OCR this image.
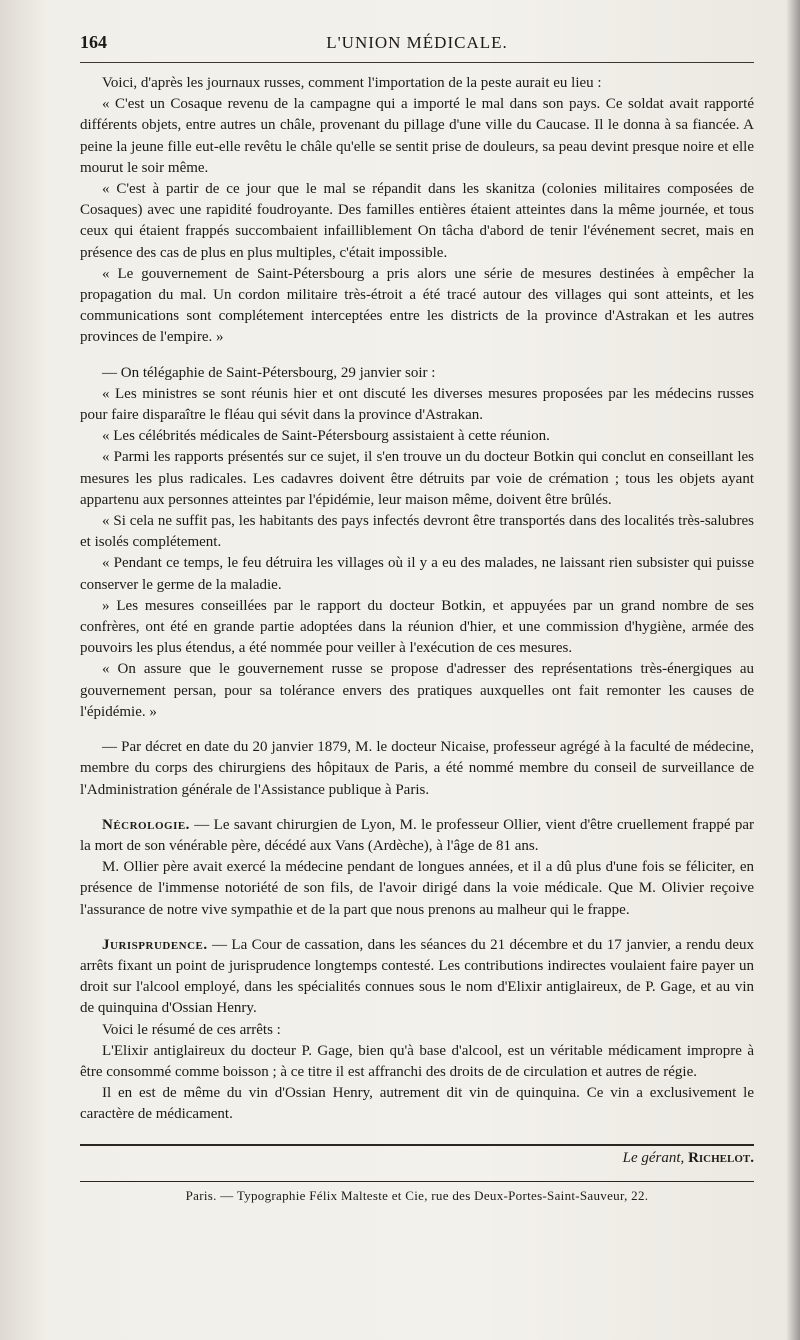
164	L'UNION MÉDICALE.

Voici, d'après les journaux russes, comment l'importation de la peste aurait eu lieu :

« C'est un Cosaque revenu de la campagne qui a importé le mal dans son pays. Ce soldat avait rapporté différents objets, entre autres un châle, provenant du pillage d'une ville du Caucase. Il le donna à sa fiancée. A peine la jeune fille eut-elle revêtu le châle qu'elle se sentit prise de douleurs, sa peau devint presque noire et elle mourut le soir même.

« C'est à partir de ce jour que le mal se répandit dans les skanitza (colonies militaires composées de Cosaques) avec une rapidité foudroyante. Des familles entières étaient atteintes dans la même journée, et tous ceux qui étaient frappés succombaient infailliblement On tâcha d'abord de tenir l'événement secret, mais en présence des cas de plus en plus multiples, c'était impossible.

« Le gouvernement de Saint-Pétersbourg a pris alors une série de mesures destinées à empêcher la propagation du mal. Un cordon militaire très-étroit a été tracé autour des villages qui sont atteints, et les communications sont complétement interceptées entre les districts de la province d'Astrakan et les autres provinces de l'empire. »

— On télégaphie de Saint-Pétersbourg, 29 janvier soir :

« Les ministres se sont réunis hier et ont discuté les diverses mesures proposées par les médecins russes pour faire disparaître le fléau qui sévit dans la province d'Astrakan.

« Les célébrités médicales de Saint-Pétersbourg assistaient à cette réunion.

« Parmi les rapports présentés sur ce sujet, il s'en trouve un du docteur Botkin qui conclut en conseillant les mesures les plus radicales. Les cadavres doivent être détruits par voie de crémation ; tous les objets ayant appartenu aux personnes atteintes par l'épidémie, leur maison même, doivent être brûlés.

« Si cela ne suffit pas, les habitants des pays infectés devront être transportés dans des localités très-salubres et isolés complétement.

« Pendant ce temps, le feu détruira les villages où il y a eu des malades, ne laissant rien subsister qui puisse conserver le germe de la maladie.

» Les mesures conseillées par le rapport du docteur Botkin, et appuyées par un grand nombre de ses confrères, ont été en grande partie adoptées dans la réunion d'hier, et une commission d'hygiène, armée des pouvoirs les plus étendus, a été nommée pour veiller à l'exécution de ces mesures.

« On assure que le gouvernement russe se propose d'adresser des représentations très-énergiques au gouvernement persan, pour sa tolérance envers des pratiques auxquelles ont fait remonter les causes de l'épidémie. »

— Par décret en date du 20 janvier 1879, M. le docteur Nicaise, professeur agrégé à la faculté de médecine, membre du corps des chirurgiens des hôpitaux de Paris, a été nommé membre du conseil de surveillance de l'Administration générale de l'Assistance publique à Paris.

Nécrologie. — Le savant chirurgien de Lyon, M. le professeur Ollier, vient d'être cruellement frappé par la mort de son vénérable père, décédé aux Vans (Ardèche), à l'âge de 81 ans.

M. Ollier père avait exercé la médecine pendant de longues années, et il a dû plus d'une fois se féliciter, en présence de l'immense notoriété de son fils, de l'avoir dirigé dans la voie médicale. Que M. Olivier reçoive l'assurance de notre vive sympathie et de la part que nous prenons au malheur qui le frappe.

Jurisprudence. — La Cour de cassation, dans les séances du 21 décembre et du 17 janvier, a rendu deux arrêts fixant un point de jurisprudence longtemps contesté. Les contributions indirectes voulaient faire payer un droit sur l'alcool employé, dans les spécialités connues sous le nom d'Elixir antiglaireux, de P. Gage, et au vin de quinquina d'Ossian Henry.

Voici le résumé de ces arrêts :

L'Elixir antiglaireux du docteur P. Gage, bien qu'à base d'alcool, est un véritable médicament impropre à être consommé comme boisson ; à ce titre il est affranchi des droits de de circulation et autres de régie.

Il en est de même du vin d'Ossian Henry, autrement dit vin de quinquina. Ce vin a exclusivement le caractère de médicament.

Le gérant, Richelot.
Paris. — Typographie Félix Malteste et Cie, rue des Deux-Portes-Saint-Sauveur, 22.
